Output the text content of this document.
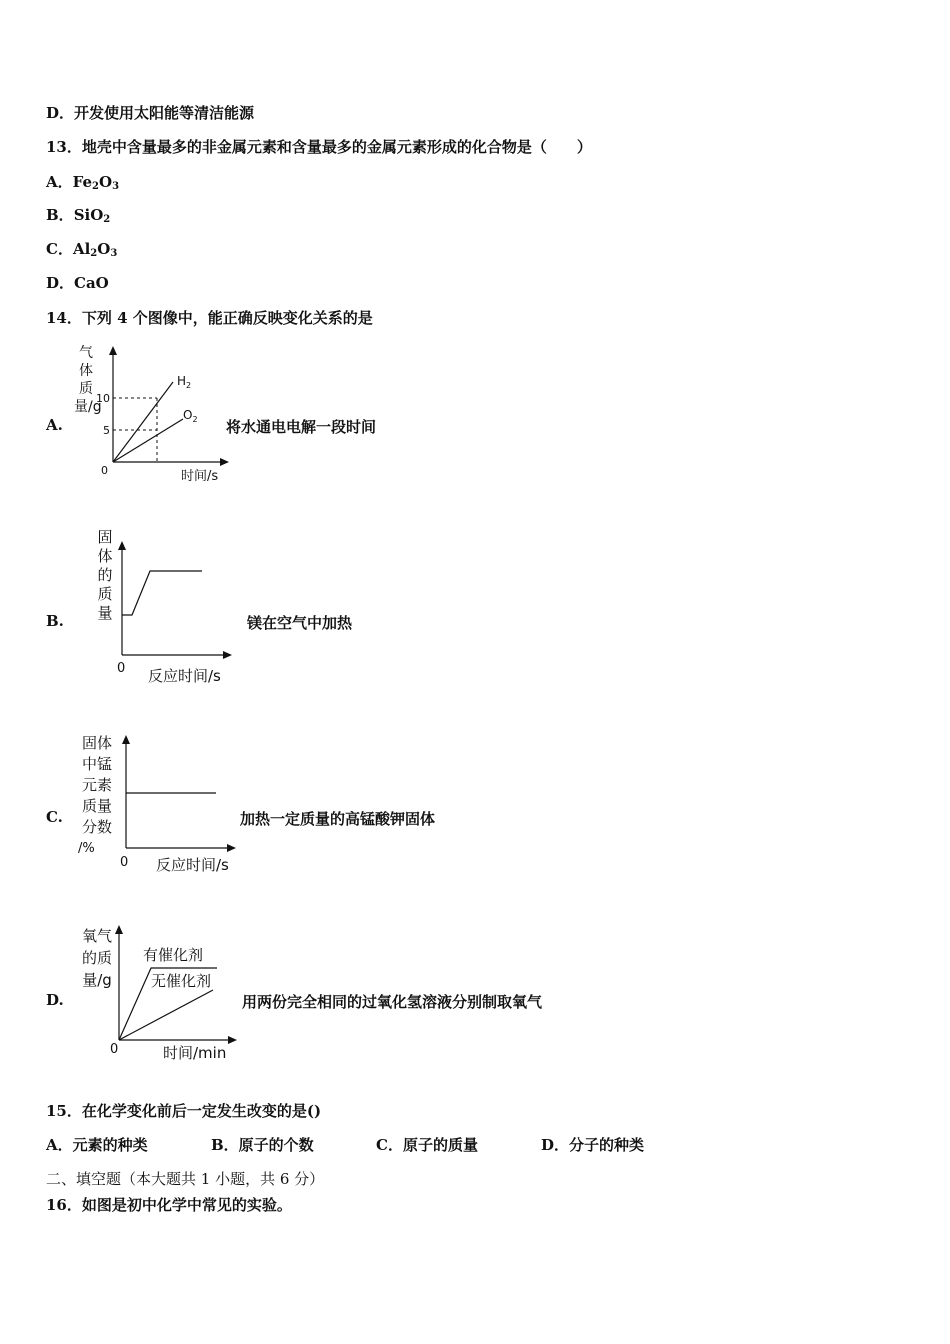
D．开发使用太阳能等清洁能源
13．地壳中含量最多的非金属元素和含量最多的金属元素形成的化合物是（　　）
A．$Fe_2O_3$
B．SiO$_2$
C．$Al_2O_3$
D．CaO
14．下列 4 个图像中，能正确反映变化关系的是
A.
气体质量/g
10
5
0
$H_2$
$O_2$
时间/s
将水通电电解一段时间
B.
固
体
的
质
量
0 反应时间/s
镁在空气中加热
C.
固体
中锰
元素
质量
分数
/%
0 反应时间/s
加热一定质量的高锰酸钾固体
D.
氧气
的质
量/g
0
有催化剂
无催化剂
时间/min
用两份完全相同的过氧化氢溶液分别制取氧气
15．在化学变化前后一定发生改变的是()
A．元素的种类	B．原子的个数	C．原子的质量	D．分子的种类
二、填空题（本大题共 1 小题，共 6 分）
16．如图是初中化学中常见的实验。
